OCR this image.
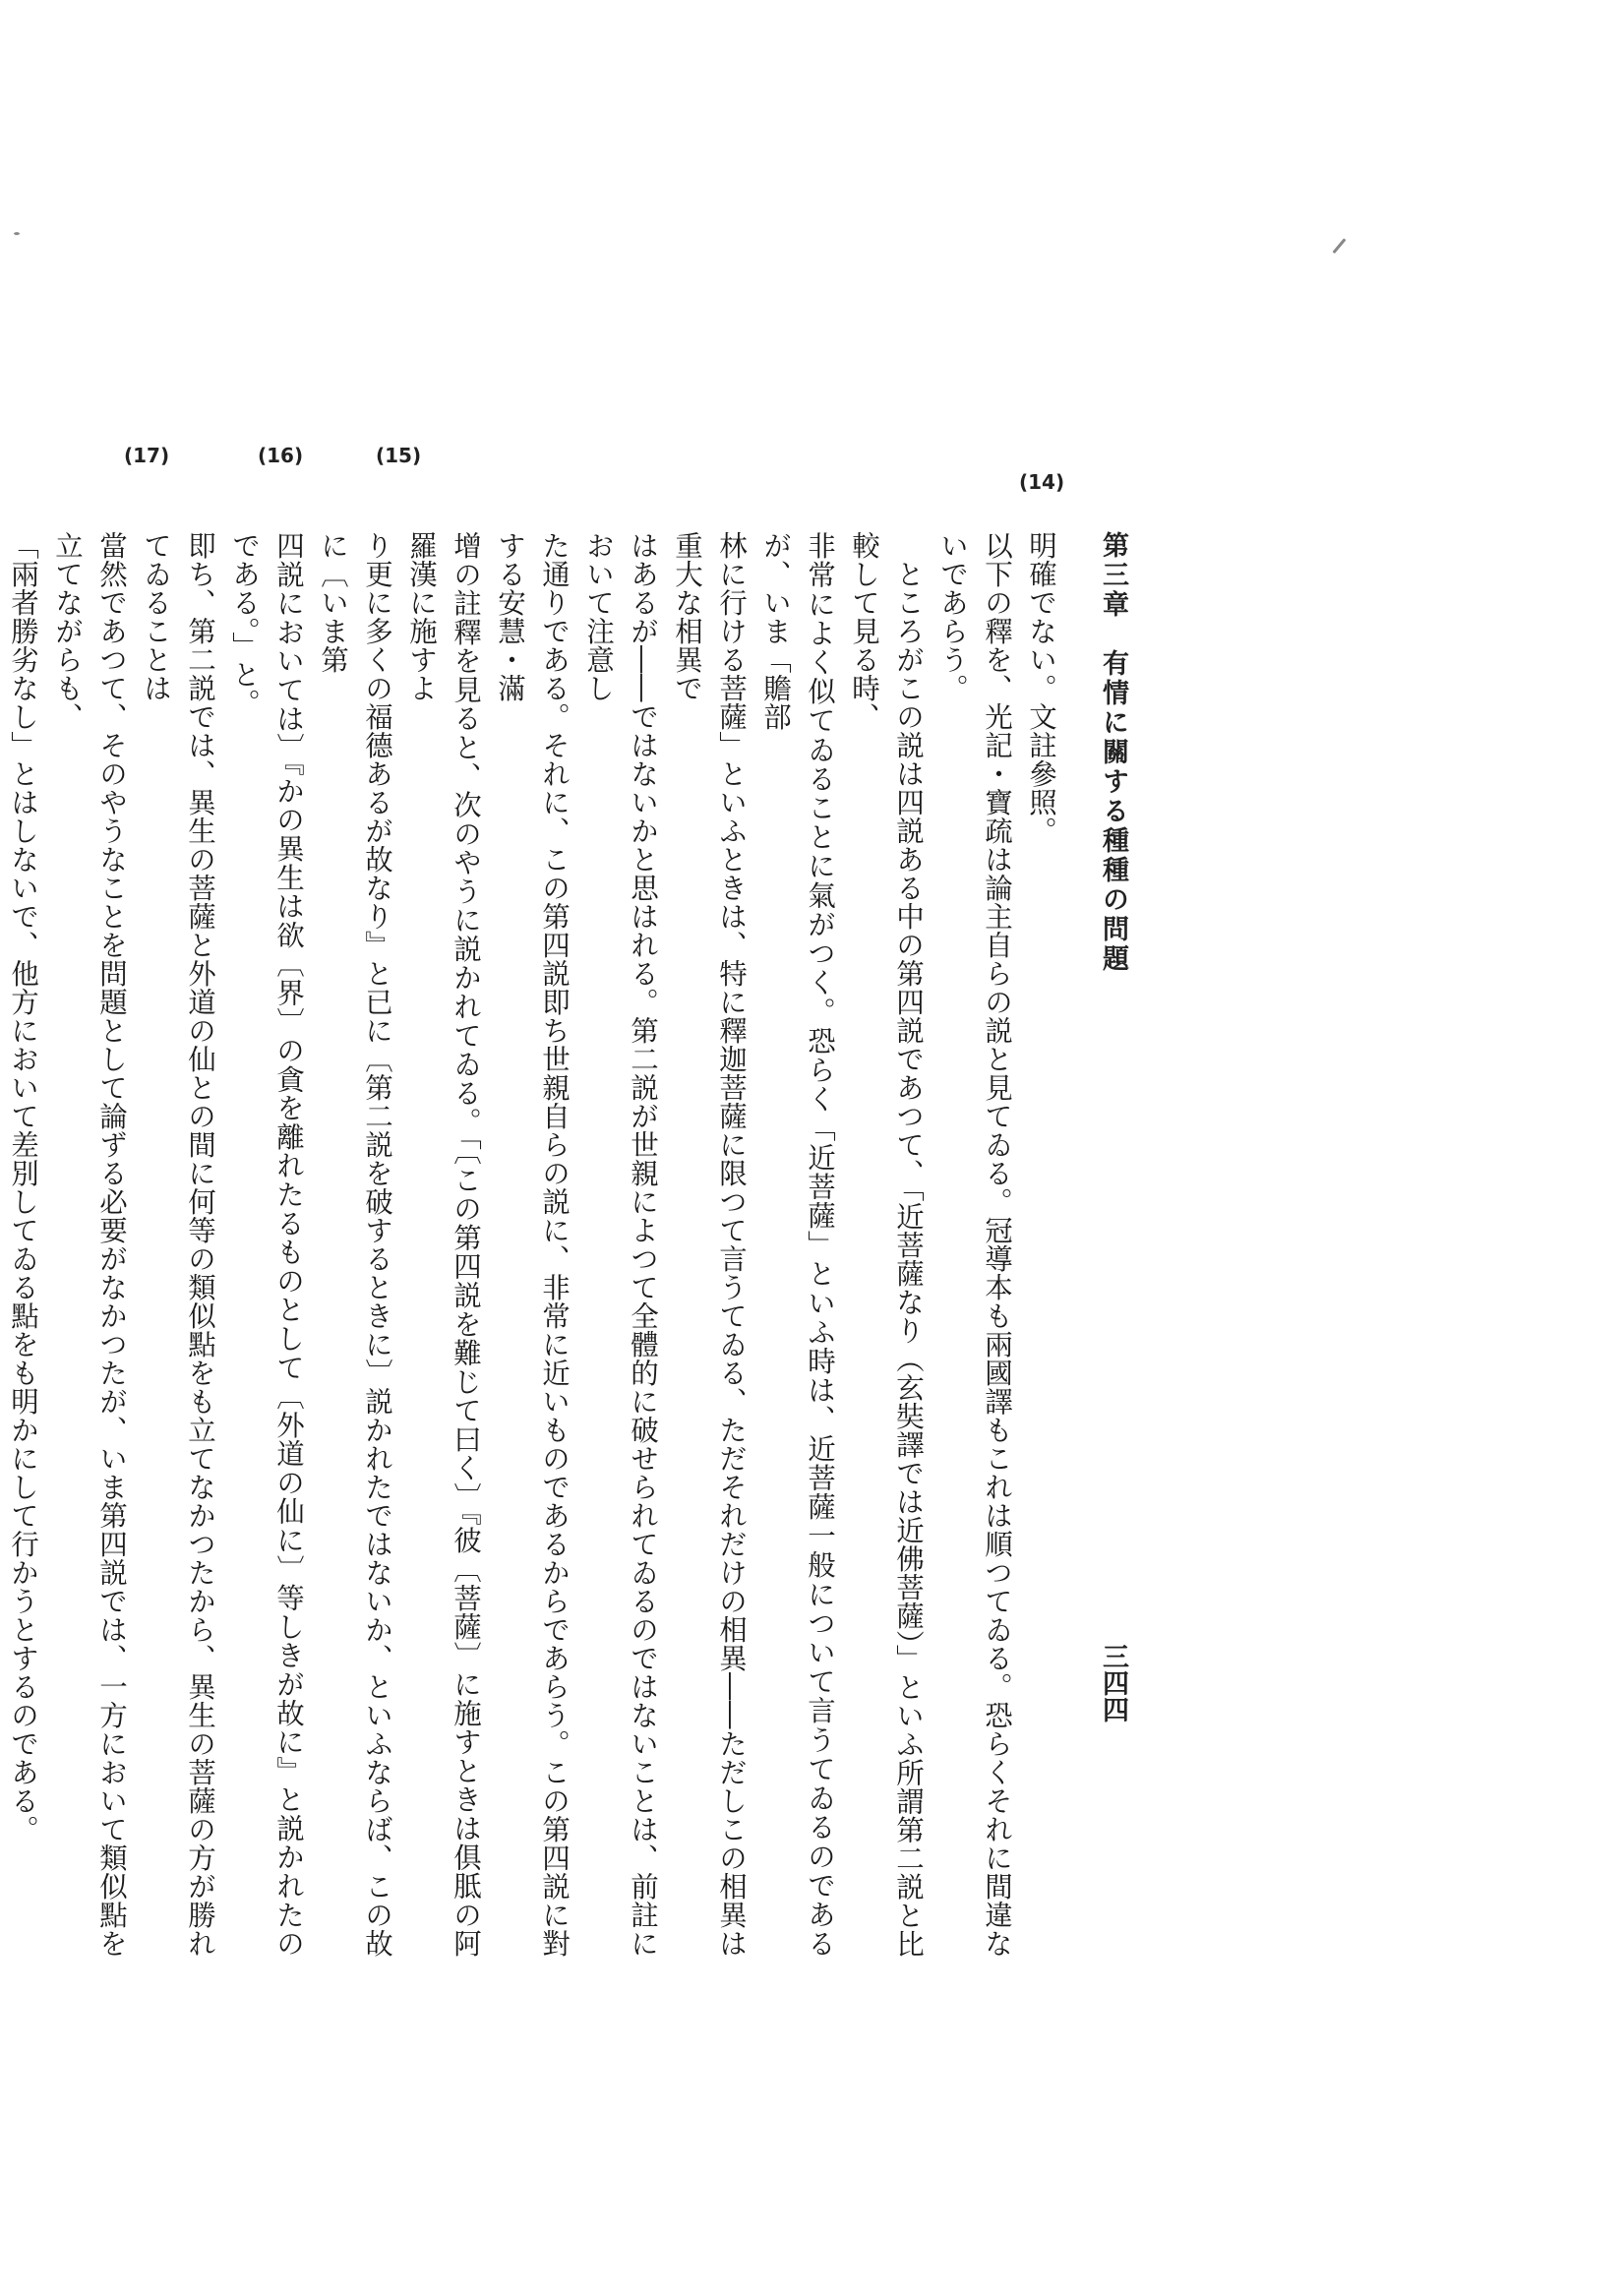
第三章　有情に關する種種の問題
三四四
(14)
(15)
(16)
(17)
明確でない。文註參照。
以下の釋を、光記・寶疏は論主自らの説と見てゐる。冠導本も兩國譯もこれは順つてゐる。恐らくそれに間違ないであらう。
ところがこの説は四説ある中の第四説であつて、「近菩薩なり（玄奘譯では近佛菩薩）」といふ所謂第二説と比較して見る時、
非常によく似てゐることに氣がつく。恐らく「近菩薩」といふ時は、近菩薩一般について言うてゐるのであるが、いま「贍部
林に行ける菩薩」といふときは、特に釋迦菩薩に限つて言うてゐる、ただそれだけの相異――ただしこの相異は重大な相異で
はあるが――ではないかと思はれる。第二説が世親によつて全體的に破せられてゐるのではないことは、前註において注意し
た通りである。それに、この第四説即ち世親自らの説に、非常に近いものであるからであらう。この第四説に對する安慧・滿
增の註釋を見ると、次のやうに説かれてゐる。「〔この第四説を難じて曰く〕『彼〔菩薩〕に施すときは俱胝の阿羅漢に施すよ
り更に多くの福德あるが故なり』と已に〔第二説を破するときに〕説かれたではないか、といふならば、この故に〔いま第
四説においては〕『かの異生は欲〔界〕の貪を離れたるものとして〔外道の仙に〕等しきが故に』と説かれたのである。」と。
即ち、第二説では、異生の菩薩と外道の仙との間に何等の類似點をも立てなかつたから、異生の菩薩の方が勝れてゐることは
當然であつて、そのやうなことを問題として論ずる必要がなかつたが、いま第四説では、一方において類似點を立てながらも、
「兩者勝劣なし」とはしないで、他方において差別してゐる點をも明かにして行かうとするのである。
